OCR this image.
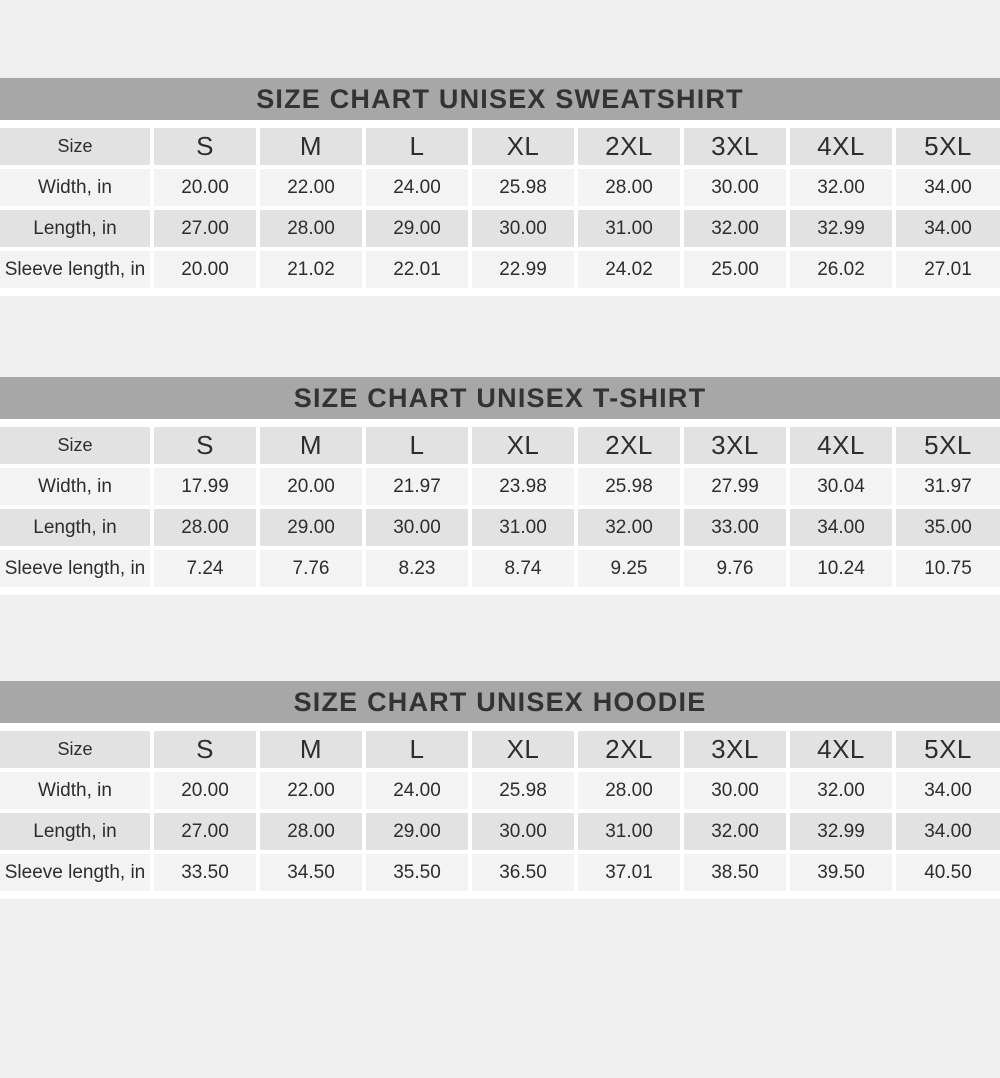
SIZE CHART UNISEX SWEATSHIRT
Size	S	M	L	XL	2XL	3XL	4XL	5XL
Width, in	20.00	22.00	24.00	25.98	28.00	30.00	32.00	34.00
Length, in	27.00	28.00	29.00	30.00	31.00	32.00	32.99	34.00
Sleeve length, in	20.00	21.02	22.01	22.99	24.02	25.00	26.02	27.01
SIZE CHART UNISEX T-SHIRT
Size	S	M	L	XL	2XL	3XL	4XL	5XL
Width, in	17.99	20.00	21.97	23.98	25.98	27.99	30.04	31.97
Length, in	28.00	29.00	30.00	31.00	32.00	33.00	34.00	35.00
Sleeve length, in	7.24	7.76	8.23	8.74	9.25	9.76	10.24	10.75
SIZE CHART UNISEX HOODIE
Size	S	M	L	XL	2XL	3XL	4XL	5XL
Width, in	20.00	22.00	24.00	25.98	28.00	30.00	32.00	34.00
Length, in	27.00	28.00	29.00	30.00	31.00	32.00	32.99	34.00
Sleeve length, in	33.50	34.50	35.50	36.50	37.01	38.50	39.50	40.50
